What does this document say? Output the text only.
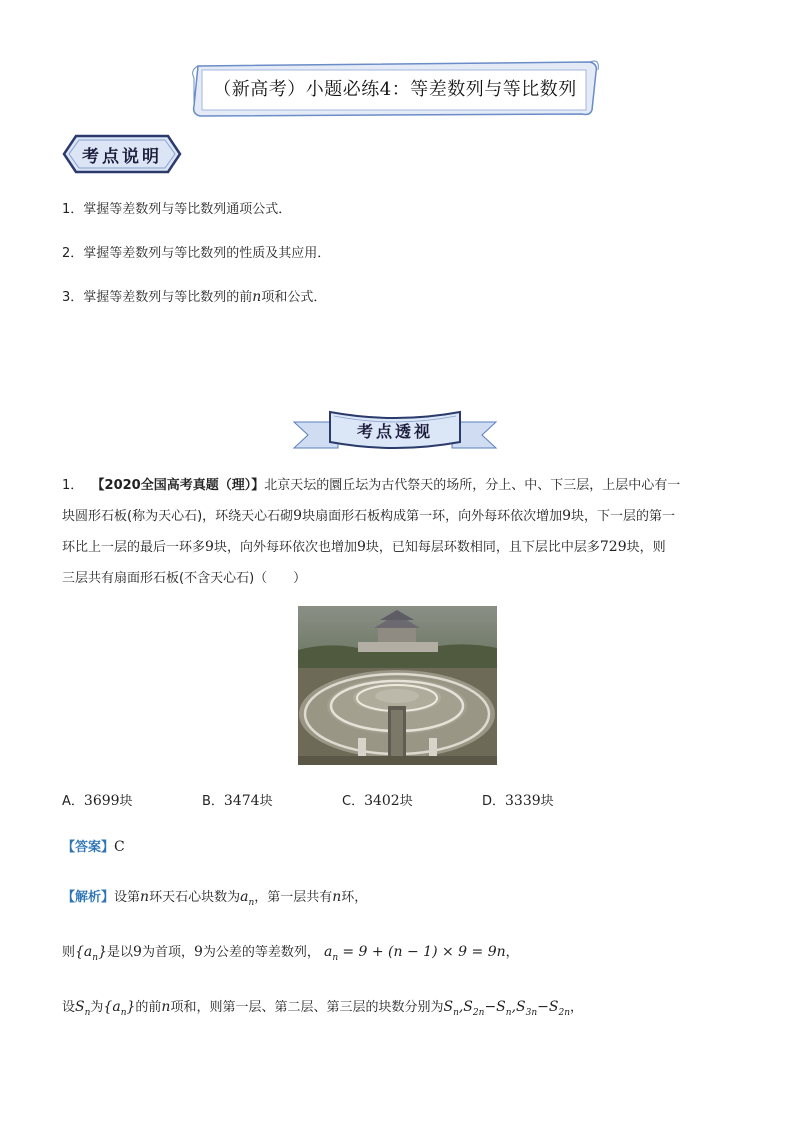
（新高考）小题必练4：等差数列与等比数列
考点说明
1．掌握等差数列与等比数列通项公式．
2．掌握等差数列与等比数列的性质及其应用．
3．掌握等差数列与等比数列的前n项和公式．
考点透视
1． 【2020全国高考真题（理）】北京天坛的圜丘坛为古代祭天的场所，分上、中、下三层，上层中心有一
块圆形石板(称为天心石)，环绕天心石砌9块扇面形石板构成第一环，向外每环依次增加9块，下一层的第一
环比上一层的最后一环多9块，向外每环依次也增加9块，已知每层环数相同，且下层比中层多729块，则
三层共有扇面形石板(不含天心石)（　　）
A．3699块	B．3474块	C．3402块	D．3339块
【答案】C
【解析】设第n环天石心块数为$a_n$，第一层共有n环，
则$\{a_n\}$是以9为首项，9为公差的等差数列， $a_n = 9 + (n - 1) \times 9 = 9n$，
设$S_n$为$\{a_n\}$的前n项和，则第一层、第二层、第三层的块数分别为$S_n,S_{2n}-S_n,S_{3n}-S_{2n}$，
